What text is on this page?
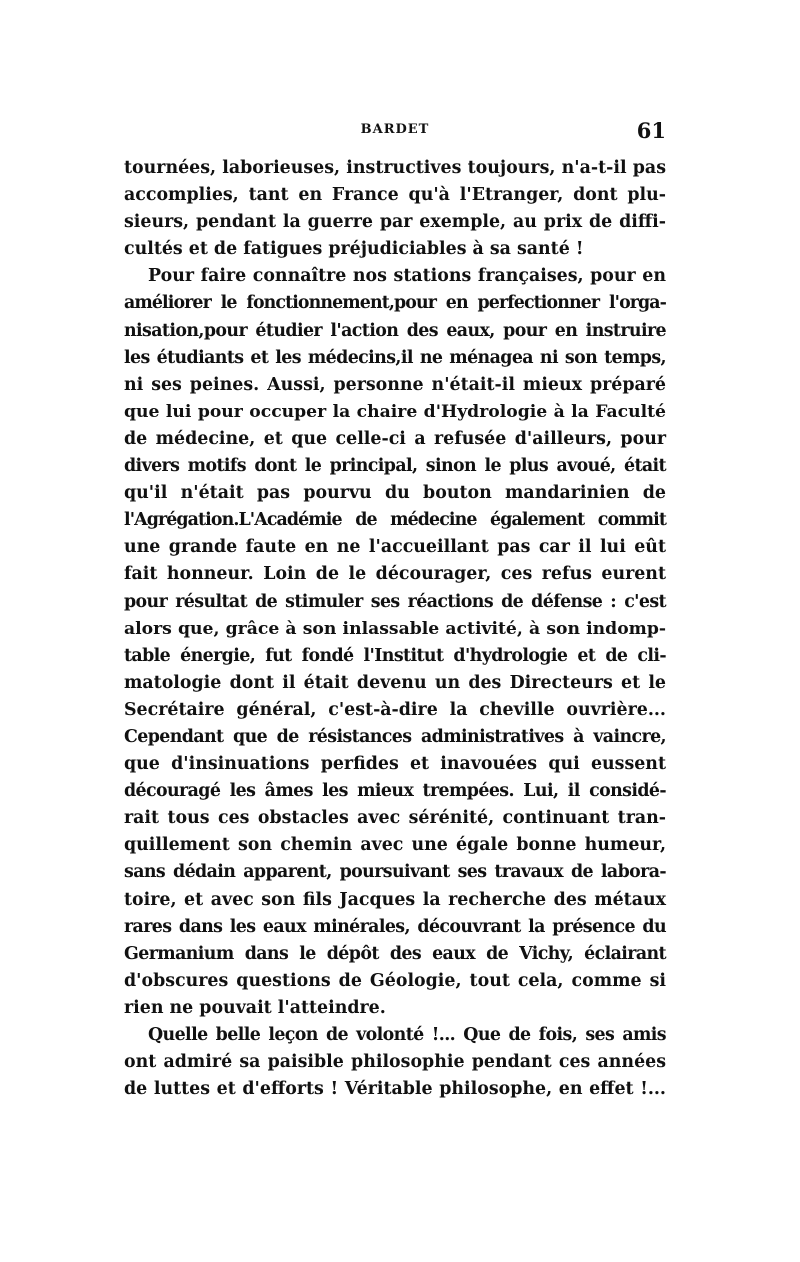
BARDET	61
tournées, laborieuses, instructives toujours, n'a-t-il pas
accomplies, tant en France qu'à l'Etranger, dont plu-
sieurs, pendant la guerre par exemple, au prix de diffi-
cultés et de fatigues préjudiciables à sa santé !
Pour faire connaître nos stations françaises, pour en
améliorer le fonctionnement,pour en perfectionner l'orga-
nisation,pour étudier l'action des eaux, pour en instruire
les étudiants et les médecins,il ne ménagea ni son temps,
ni ses peines. Aussi, personne n'était-il mieux préparé
que lui pour occuper la chaire d'Hydrologie à la Faculté
de médecine, et que celle-ci a refusée d'ailleurs, pour
divers motifs dont le principal, sinon le plus avoué, était
qu'il n'était pas pourvu du bouton mandarinien de
l'Agrégation.L'Académie de médecine également commit
une grande faute en ne l'accueillant pas car il lui eût
fait honneur. Loin de le décourager, ces refus eurent
pour résultat de stimuler ses réactions de défense : c'est
alors que, grâce à son inlassable activité, à son indomp-
table énergie, fut fondé l'Institut d'hydrologie et de cli-
matologie dont il était devenu un des Directeurs et le
Secrétaire général, c'est-à-dire la cheville ouvrière...
Cependant que de résistances administratives à vaincre,
que d'insinuations perfides et inavouées qui eussent
découragé les âmes les mieux trempées. Lui, il considé-
rait tous ces obstacles avec sérénité, continuant tran-
quillement son chemin avec une égale bonne humeur,
sans dédain apparent, poursuivant ses travaux de labora-
toire, et avec son fils Jacques la recherche des métaux
rares dans les eaux minérales, découvrant la présence du
Germanium dans le dépôt des eaux de Vichy, éclairant
d'obscures questions de Géologie, tout cela, comme si
rien ne pouvait l'atteindre.
Quelle belle leçon de volonté !... Que de fois, ses amis
ont admiré sa paisible philosophie pendant ces années
de luttes et d'efforts ! Véritable philosophe, en effet !...
